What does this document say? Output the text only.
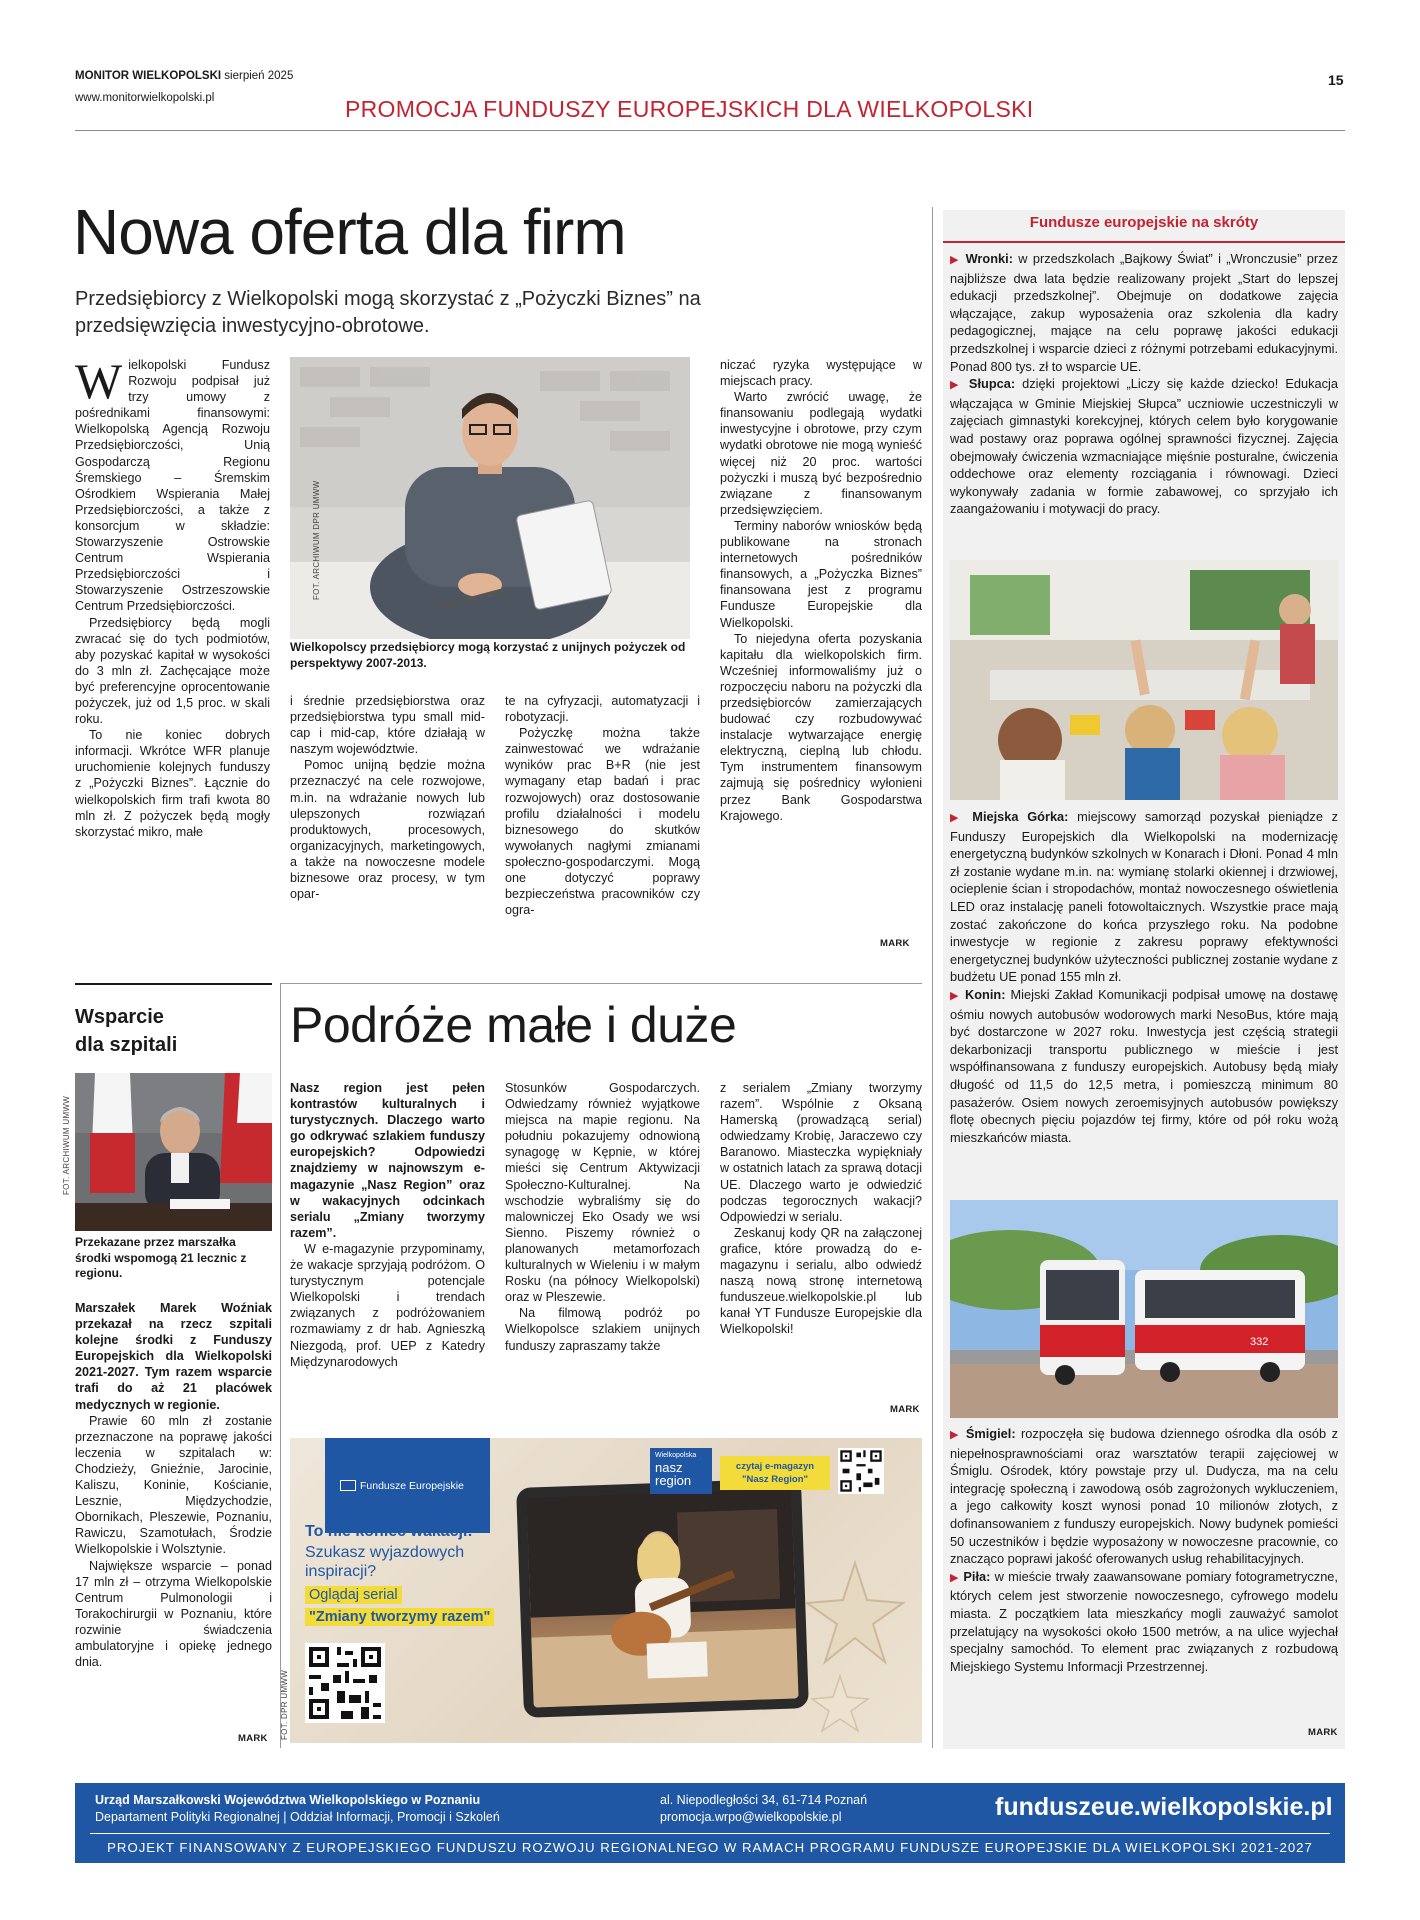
MONITOR WIELKOPOLSKI sierpień 2025
www.monitorwielkopolski.pl
15
PROMOCJA FUNDUSZY EUROPEJSKICH DLA WIELKOPOLSKI
Nowa oferta dla firm
Przedsiębiorcy z Wielkopolski mogą skorzystać z „Pożyczki Biznes” na przedsięwzięcia inwestycyjno-obrotowe.

Wielkopolski Fundusz Rozwoju podpisał już trzy umowy z pośrednikami finansowymi: Wielkopolską Agencją Rozwoju Przedsiębiorczości, Unią Gospodarczą Regionu Śremskiego – Śremskim Ośrodkiem Wspierania Małej Przedsiębiorczości, a także z konsorcjum w składzie: Stowarzyszenie Ostrowskie Centrum Wspierania Przedsiębiorczości i Stowarzyszenie Ostrzeszowskie Centrum Przedsiębiorczości.

Przedsiębiorcy będą mogli zwracać się do tych podmiotów, aby pozyskać kapitał w wysokości do 3 mln zł. Zachęcające może być preferencyjne oprocentowanie pożyczek, już od 1,5 proc. w skali roku.

To nie koniec dobrych informacji. Wkrótce WFR planuje uruchomienie kolejnych funduszy z „Pożyczki Biznes”. Łącznie do wielkopolskich firm trafi kwota 80 mln zł. Z pożyczek będą mogły skorzystać mikro, małe

FOT. ARCHIWUM DPR UMWW
Wielkopolscy przedsiębiorcy mogą korzystać z unijnych pożyczek od perspektywy 2007-2013.

i średnie przedsiębiorstwa oraz przedsiębiorstwa typu small mid-cap i mid-cap, które działają w naszym województwie.

Pomoc unijną będzie można przeznaczyć na cele rozwojowe, m.in. na wdrażanie nowych lub ulepszonych rozwiązań produktowych, procesowych, organizacyjnych, marketingowych, a także na nowoczesne modele biznesowe oraz procesy, w tym opar-

te na cyfryzacji, automatyzacji i robotyzacji.

Pożyczkę można także zainwestować we wdrażanie wyników prac B+R (nie jest wymagany etap badań i prac rozwojowych) oraz dostosowanie profilu działalności i modelu biznesowego do skutków wywołanych nagłymi zmianami społeczno-gospodarczymi. Mogą one dotyczyć poprawy bezpieczeństwa pracowników czy ogra-

niczać ryzyka występujące w miejscach pracy.

Warto zwrócić uwagę, że finansowaniu podlegają wydatki inwestycyjne i obrotowe, przy czym wydatki obrotowe nie mogą wynieść więcej niż 20 proc. wartości pożyczki i muszą być bezpośrednio związane z finansowanym przedsięwzięciem.

Terminy naborów wniosków będą publikowane na stronach internetowych pośredników finansowych, a „Pożyczka Biznes” finansowana jest z programu Fundusze Europejskie dla Wielkopolski.

To niejedyna oferta pozyskania kapitału dla wielkopolskich firm. Wcześniej informowaliśmy już o rozpoczęciu naboru na pożyczki dla przedsiębiorców zamierzających budować czy rozbudowywać instalacje wytwarzające energię elektryczną, cieplną lub chłodu. Tym instrumentem finansowym zajmują się pośrednicy wyłonieni przez Bank Gospodarstwa Krajowego.

MARK
Wsparcie
dla szpitali
FOT. ARCHIWUM UMWW
Przekazane przez marszałka środki wspomogą 21 lecznic z regionu.

Marszałek Marek Woźniak przekazał na rzecz szpitali kolejne środki z Funduszy Europejskich dla Wielkopolski 2021-2027. Tym razem wsparcie trafi do aż 21 placówek medycznych w regionie.

Prawie 60 mln zł zostanie przeznaczone na poprawę jakości leczenia w szpitalach w: Chodzieży, Gnieźnie, Jarocinie, Kaliszu, Koninie, Kościanie, Lesznie, Międzychodzie, Obornikach, Pleszewie, Poznaniu, Rawiczu, Szamotułach, Środzie Wielkopolskie i Wolsztynie.

Największe wsparcie – ponad 17 mln zł – otrzyma Wielkopolskie Centrum Pulmonologii i Torakochirurgii w Poznaniu, które rozwinie świadczenia ambulatoryjne i opiekę jednego dnia.

MARK
Podróże małe i duże

Nasz region jest pełen kontrastów kulturalnych i turystycznych. Dlaczego warto go odkrywać szlakiem funduszy europejskich? Odpowiedzi znajdziemy w najnowszym e-magazynie „Nasz Region” oraz w wakacyjnych odcinkach serialu „Zmiany tworzymy razem”.

W e-magazynie przypominamy, że wakacje sprzyjają podróżom. O turystycznym potencjale Wielkopolski i trendach związanych z podróżowaniem rozmawiamy z dr hab. Agnieszką Niezgodą, prof. UEP z Katedry Międzynarodowych

Stosunków Gospodarczych. Odwiedzamy również wyjątkowe miejsca na mapie regionu. Na południu pokazujemy odnowioną synagogę w Kępnie, w której mieści się Centrum Aktywizacji Społeczno-Kulturalnej. Na wschodzie wybraliśmy się do malowniczej Eko Osady we wsi Sienno. Piszemy również o planowanych metamorfozach kulturalnych w Wieleniu i w małym Rosku (na północy Wielkopolski) oraz w Pleszewie.

Na filmową podróż po Wielkopolsce szlakiem unijnych funduszy zapraszamy także

z serialem „Zmiany tworzymy razem”. Wspólnie z Oksaną Hamerską (prowadzącą serial) odwiedzamy Krobię, Jaraczewo czy Baranowo. Miasteczka wypiękniały w ostatnich latach za sprawą dotacji UE. Dlaczego warto je odwiedzić podczas tegorocznych wakacji? Odpowiedzi w serialu.

Zeskanuj kody QR na załączonej grafice, które prowadzą do e-magazynu i serialu, albo odwiedź naszą nową stronę internetową funduszeue.wielkopolskie.pl lub kanał YT Fundusze Europejskie dla Wielkopolski!

MARK
Fundusze Europejskie
To nie koniec wakacji!
Szukasz wyjazdowych inspiracji?
Oglądaj serial
"Zmiany tworzymy razem"
Wielkopolska
nasz
region
czytaj e-magazyn
"Nasz Region"
FOT. DPR UMWW
Fundusze europejskie na skróty
▶ Wronki: w przedszkolach „Bajkowy Świat” i „Wronczusie” przez najbliższe dwa lata będzie realizowany projekt „Start do lepszej edukacji przedszkolnej”. Obejmuje on dodatkowe zajęcia włączające, zakup wyposażenia oraz szkolenia dla kadry pedagogicznej, mające na celu poprawę jakości edukacji przedszkolnej i wsparcie dzieci z różnymi potrzebami edukacyjnymi. Ponad 800 tys. zł to wsparcie UE.
▶ Słupca: dzięki projektowi „Liczy się każde dziecko! Edukacja włączająca w Gminie Miejskiej Słupca” uczniowie uczestniczyli w zajęciach gimnastyki korekcyjnej, których celem było korygowanie wad postawy oraz poprawa ogólnej sprawności fizycznej. Zajęcia obejmowały ćwiczenia wzmacniające mięśnie posturalne, ćwiczenia oddechowe oraz elementy rozciągania i równowagi. Dzieci wykonywały zadania w formie zabawowej, co sprzyjało ich zaangażowaniu i motywacji do pracy.
▶ Miejska Górka: miejscowy samorząd pozyskał pieniądze z Funduszy Europejskich dla Wielkopolski na modernizację energetyczną budynków szkolnych w Konarach i Dłoni. Ponad 4 mln zł zostanie wydane m.in. na: wymianę stolarki okiennej i drzwiowej, ocieplenie ścian i stropodachów, montaż nowoczesnego oświetlenia LED oraz instalację paneli fotowoltaicznych. Wszystkie prace mają zostać zakończone do końca przyszłego roku. Na podobne inwestycje w regionie z zakresu poprawy efektywności energetycznej budynków użyteczności publicznej zostanie wydane z budżetu UE ponad 155 mln zł.
▶ Konin: Miejski Zakład Komunikacji podpisał umowę na dostawę ośmiu nowych autobusów wodorowych marki NesoBus, które mają być dostarczone w 2027 roku. Inwestycja jest częścią strategii dekarbonizacji transportu publicznego w mieście i jest współfinansowana z funduszy europejskich. Autobusy będą miały długość od 11,5 do 12,5 metra, i pomieszczą minimum 80 pasażerów. Osiem nowych zeroemisyjnych autobusów powiększy flotę obecnych pięciu pojazdów tej firmy, które od pół roku wożą mieszkańców miasta.
332
▶ Śmigiel: rozpoczęła się budowa dziennego ośrodka dla osób z niepełnosprawnościami oraz warsztatów terapii zajęciowej w Śmiglu. Ośrodek, który powstaje przy ul. Dudycza, ma na celu integrację społeczną i zawodową osób zagrożonych wykluczeniem, a jego całkowity koszt wynosi ponad 10 milionów złotych, z dofinansowaniem z funduszy europejskich. Nowy budynek pomieści 50 uczestników i będzie wyposażony w nowoczesne pracownie, co znacząco poprawi jakość oferowanych usług rehabilitacyjnych.
▶ Piła: w mieście trwały zaawansowane pomiary fotogrametryczne, których celem jest stworzenie nowoczesnego, cyfrowego modelu miasta. Z początkiem lata mieszkańcy mogli zauważyć samolot przelatujący na wysokości około 1500 metrów, a na ulice wyjechał specjalny samochód. To element prac związanych z rozbudową Miejskiego Systemu Informacji Przestrzennej.
MARK
Urząd Marszałkowski Województwa Wielkopolskiego w Poznaniu
Departament Polityki Regionalnej | Oddział Informacji, Promocji i Szkoleń
al. Niepodległości 34, 61-714 Poznań
promocja.wrpo@wielkopolskie.pl	funduszeue.wielkopolskie.pl
PROJEKT FINANSOWANY Z EUROPEJSKIEGO FUNDUSZU ROZWOJU REGIONALNEGO W RAMACH PROGRAMU FUNDUSZE EUROPEJSKIE DLA WIELKOPOLSKI 2021-2027
